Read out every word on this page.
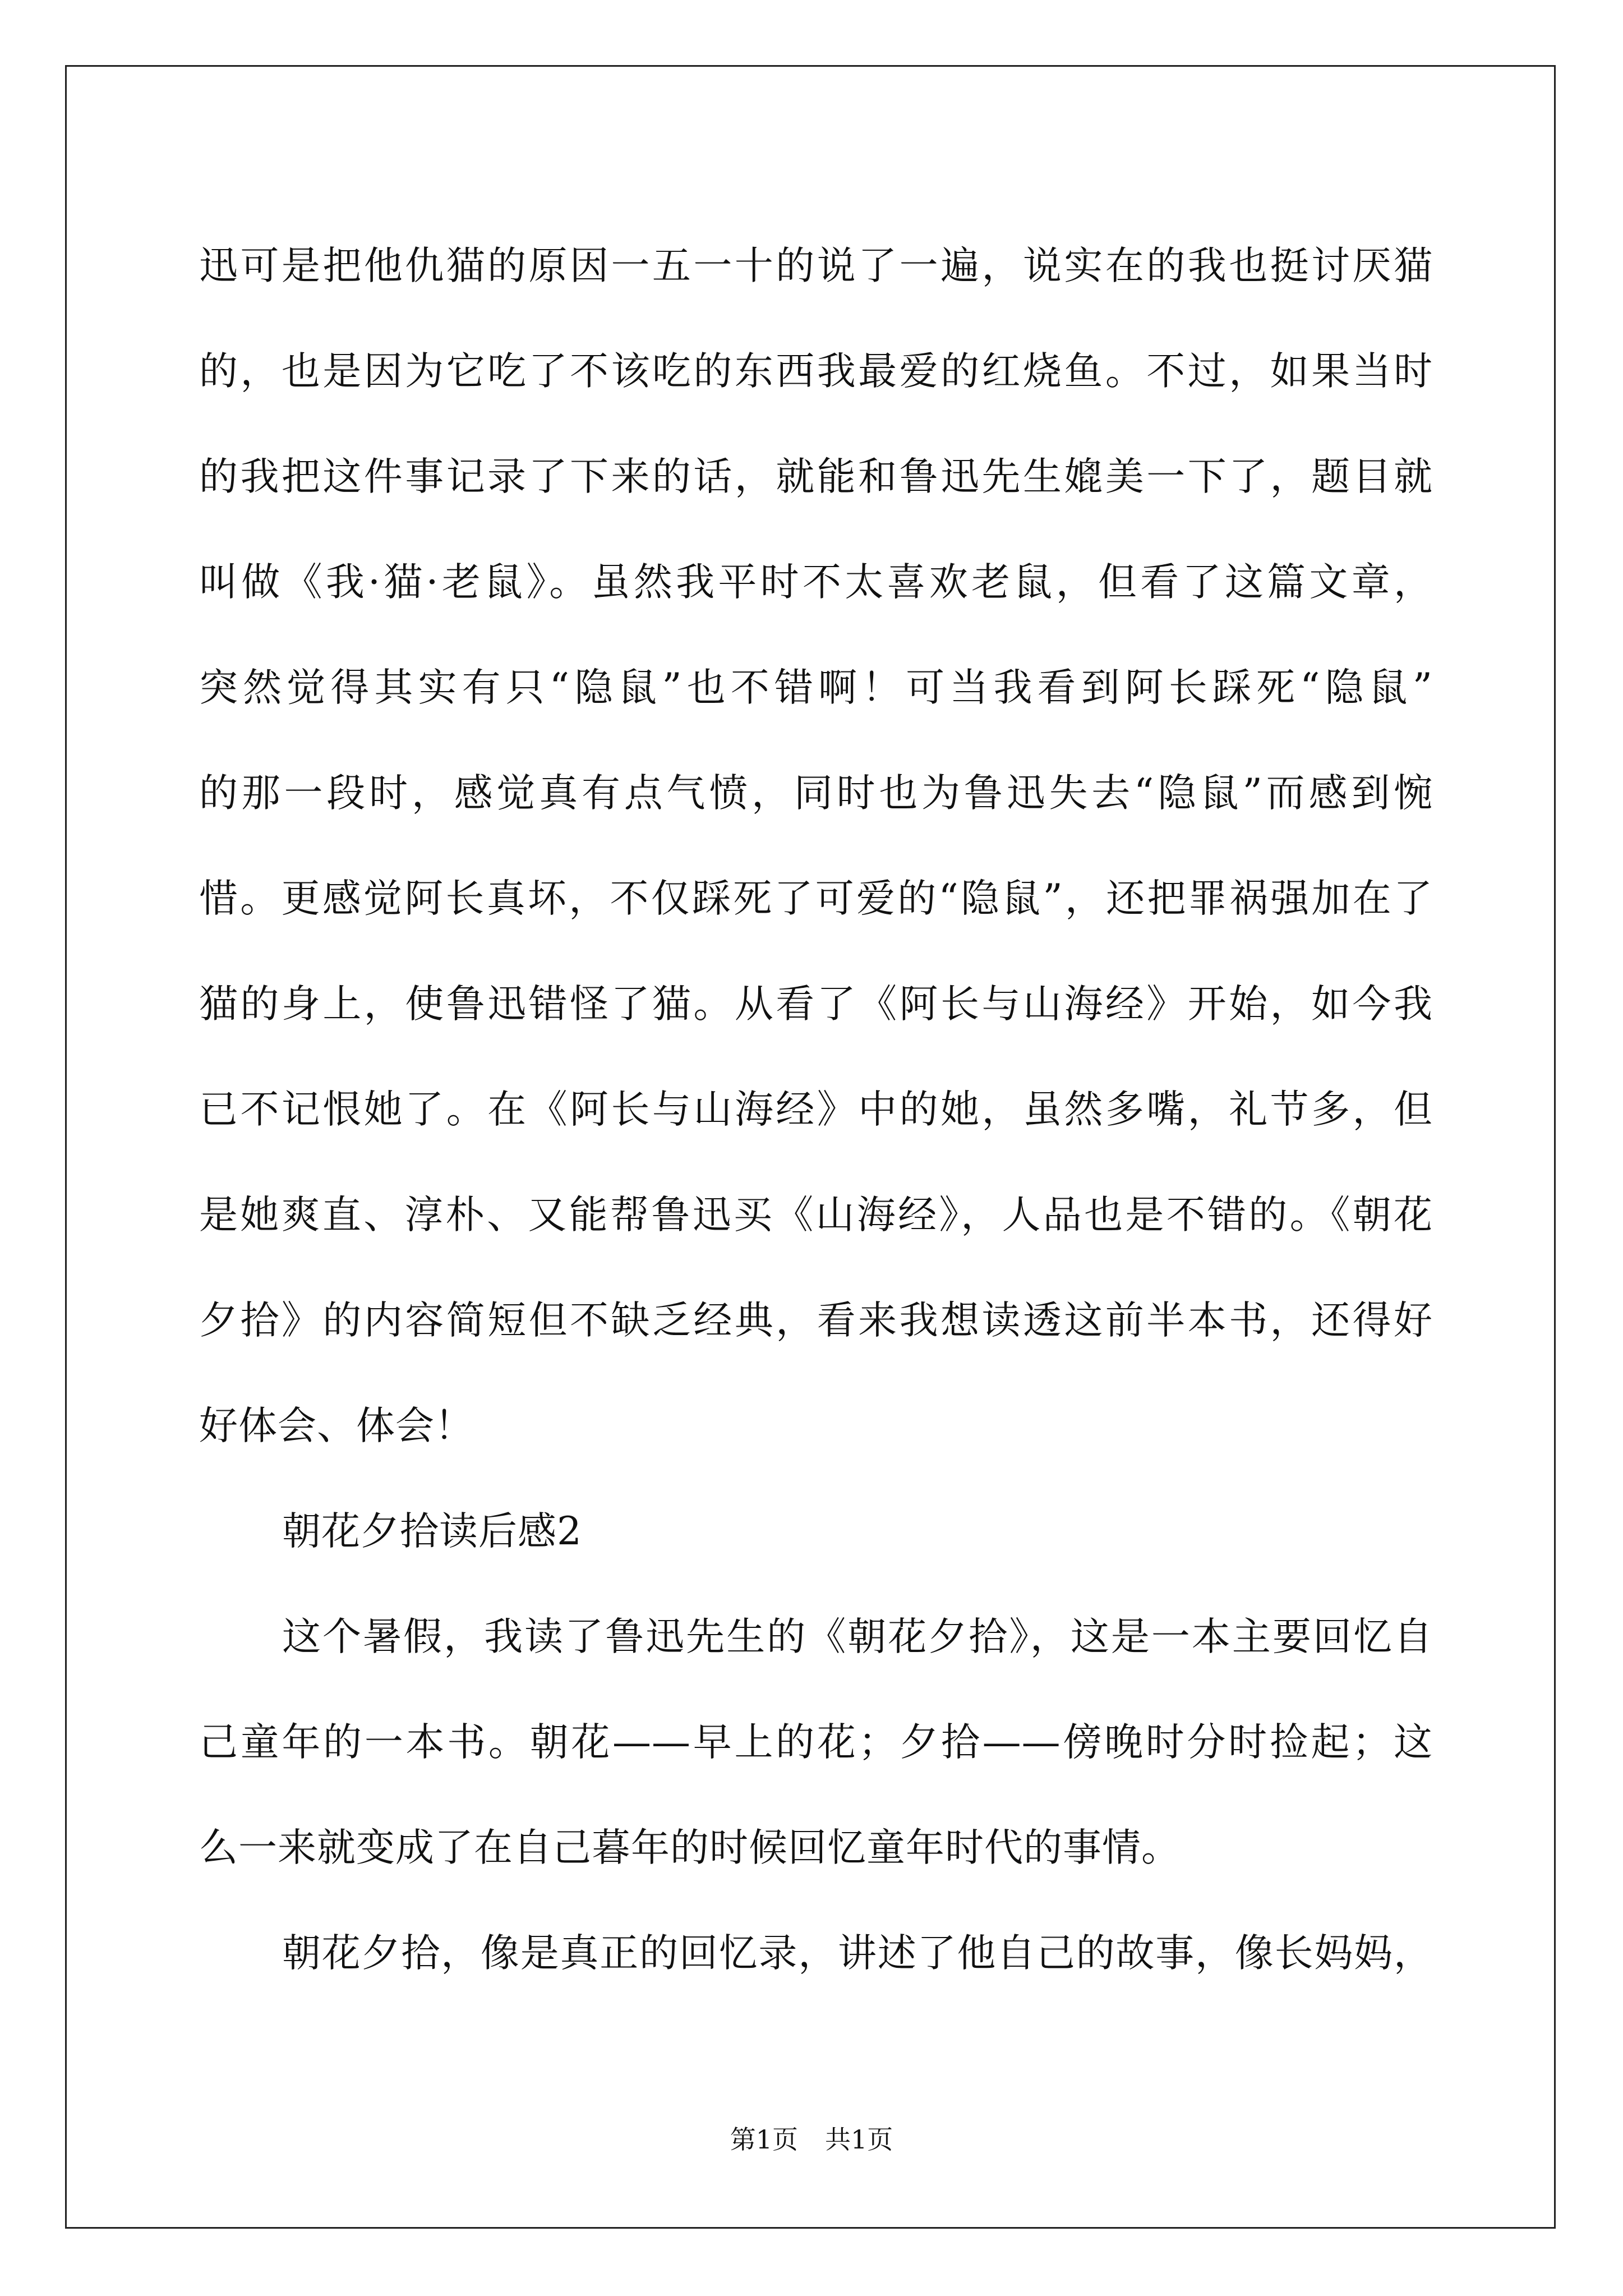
迅可是把他仇猫的原因一五一十的说了一遍，说实在的我也挺讨厌猫
的，也是因为它吃了不该吃的东西我最爱的红烧鱼。不过，如果当时
的我把这件事记录了下来的话，就能和鲁迅先生媲美一下了，题目就
叫做《我·猫·老鼠》。虽然我平时不太喜欢老鼠，但看了这篇文章，
突然觉得其实有只“隐鼠”也不错啊！可当我看到阿长踩死“隐鼠”
的那一段时，感觉真有点气愤，同时也为鲁迅失去“隐鼠”而感到惋
惜。更感觉阿长真坏，不仅踩死了可爱的“隐鼠”，还把罪祸强加在了
猫的身上，使鲁迅错怪了猫。从看了《阿长与山海经》开始，如今我
已不记恨她了。在《阿长与山海经》中的她，虽然多嘴，礼节多，但
是她爽直、淳朴、又能帮鲁迅买《山海经》，人品也是不错的。《朝花
夕拾》的内容简短但不缺乏经典，看来我想读透这前半本书，还得好
好体会、体会！
朝花夕拾读后感2
这个暑假，我读了鲁迅先生的《朝花夕拾》，这是一本主要回忆自
己童年的一本书。朝花——早上的花；夕拾——傍晚时分时捡起；这
么一来就变成了在自己暮年的时候回忆童年时代的事情。
朝花夕拾，像是真正的回忆录，讲述了他自己的故事，像长妈妈，
第1页 共1页
